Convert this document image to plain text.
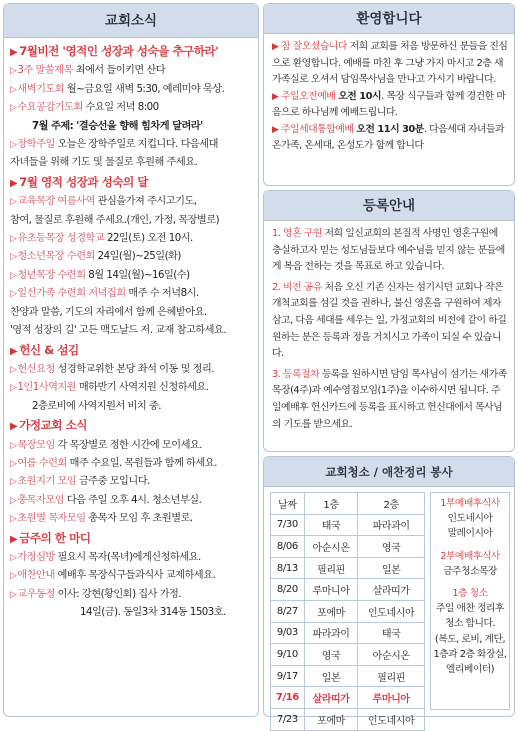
교회소식
▶ 7월비전 '영적인 성장과 성숙을 추구하라'
▷3주 말씀제목 최에서 들이키면 산다
▷새벽기도회 월~금요일 새벽 5:30, 예레미야 묵상.
▷수요공감기도회 수요일 저녁 8:00
7월 주제: '결승선을 향해 힘차게 달려라'
▷장학주일 오늘은 장학주일로 지킵니다. 다음세대
자녀들을 위해 기도 및 물질로 후원해 주세요.
▶ 7월 영적 성장과 성숙의 달
▷교육목장 여름사역 관심을가져 주시고기도,
참여, 물질로 후원해 주세요.(개인, 가정, 목장별로)
▷유초등목장 성경학교 22일(토) 오전 10시.
▷청소년목장 수련회 24일(월)~25일(화)
▷청년목장 수련회 8월 14일(월)~16일(수)
▷일신가족 수련회 저녁집회 매주 수 저녁8시.
찬양과 말씀, 기도의 자리에서 함께 은혜받아요.
'영적 성장의 길' 고든 맥도날드 저. 교재 참고하세요.
▶ 헌신 & 섬김
▷헌신요청 성경학교위한 본당 좌석 이동 및 정리.
▷1인1사역지원 매하반기 사역지원 신청하세요.
2층로비에 사역지원서 비치 중.
▶ 가정교회 소식
▷목장모임 각 목장별로 정한 시간에 모이세요.
▷여름 수련회 매주 수요일. 목원들과 함께 하세요.
▷초원지기 모임 금주중 모입니다.
▷총목자모임 다음 주일 오후 4시. 청소년부실.
▷초원별 목자모임 총목자 모임 후 초원별로.
▶ 금주의 한 마디
▷가정심방 필요시 목자(목녀)에게신청하세요.
▷애찬안내 예배후 목장식구들과식사 교제하세요.
▷교우동정 이사: 강현(황인회) 집사 가정.
14일(금). 동일3차 314동 1503호.
환영합니다
▶ 참 잘오셨습니다 저희 교회를 처음 방문하신 분들을 진심으로 환영합니다. 예배를 마친 후 그냥 가지 마시고 2층 새가족실로 오셔서 담임목사님을 만나고 가시기 바랍니다.
▶ 주일오전예배 오전 10시. 목장 식구들과 함께 경건한 마음으로 하나님께 예배드립니다.
▶ 주일세대통합예배 오전 11시 30분. 다음세대 자녀들과 온가족, 온세대, 온성도가 함께 합니다
등록안내
1. 영혼 구원 저희 일신교회의 본질적 사명인 영혼구원에 충실하고자 믿는 성도님들보다 예수님을 믿지 않는 분들에게 복음 전하는 것을 목표로 하고 있습니다.
2. 비전 공유 처음 오신 기존 신자는 섬기시던 교회나 작은 개척교회를 섬길 것을 권하나, 불신 영혼을 구원하여 제자 삼고, 다음 세대를 세우는 일, 가정교회의 비전에 같이 하길 원하는 분은 등록과 정을 거치시고 가족이 되실 수 있습니다.
3. 등록절차 등록을 원하시면 담임 목사님이 섬기는 새가족목장(4주)과 예수영접모임(1주)을 이수하시면 됩니다. 주일예배후 헌신카드에 등록을 표시하고 헌신대에서 목사님의 기도를 받으세요.
교회청소 / 애찬정리 봉사
날짜	1층	2층
7/30	태국	파라과이
8/06	아순시온	영국
8/13	필리핀	일본
8/20	루마니아	살라띠가
8/27	포에마	인도네시아
9/03	파라과이	태국
9/10	영국	아순시온
9/17	일본	필리핀
7/16	살라띠가	루마니아
7/23	포에마	인도네시아
1부예배후식사
인도네시아
말레이시아
2부예배후식사
금주청소목장
1층 청소
주일 애찬 정리후
청소 합니다.
(복도, 로비, 계단,
1층과 2층 화장실,
엘리베이터)
